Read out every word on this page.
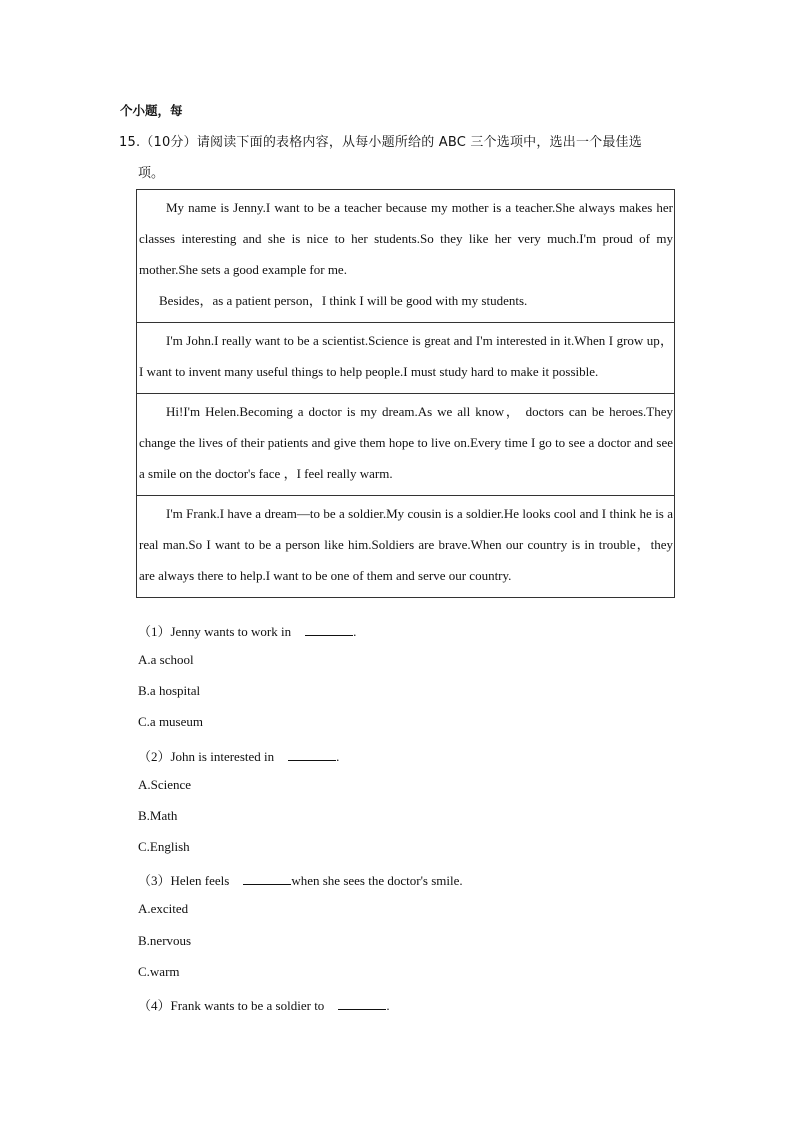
个小题，每
15.（10分）请阅读下面的表格内容，从每小题所给的 ABC 三个选项中，选出一个最佳选
项。
My name is Jenny.I want to be a teacher because my mother is a teacher.She always makes her classes interesting and she is nice to her students.So they like her very much.I'm proud of my mother.She sets a good example for me.
Besides，as a patient person，I think I will be good with my students.

I'm John.I really want to be a scientist.Science is great and I'm interested in it.When I grow up，I want to invent many useful things to help people.I must study hard to make it possible.

Hi!I'm Helen.Becoming a doctor is my dream.As we all know， doctors can be heroes.They change the lives of their patients and give them hope to live on.Every time I go to see a doctor and see a smile on the doctor's face ，I feel really warm.

I'm Frank.I have a dream—to be a soldier.My cousin is a soldier.He looks cool and I think he is a real man.So I want to be a person like him.Soldiers are brave.When our country is in trouble，they are always there to help.I want to be one of them and serve our country.
（1）Jenny wants to work in	.
A.a school
B.a hospital
C.a museum
（2）John is interested in	.
A.Science
B.Math
C.English
（3）Helen feels	when she sees the doctor's smile.
A.excited
B.nervous
C.warm
（4）Frank wants to be a soldier to	.
